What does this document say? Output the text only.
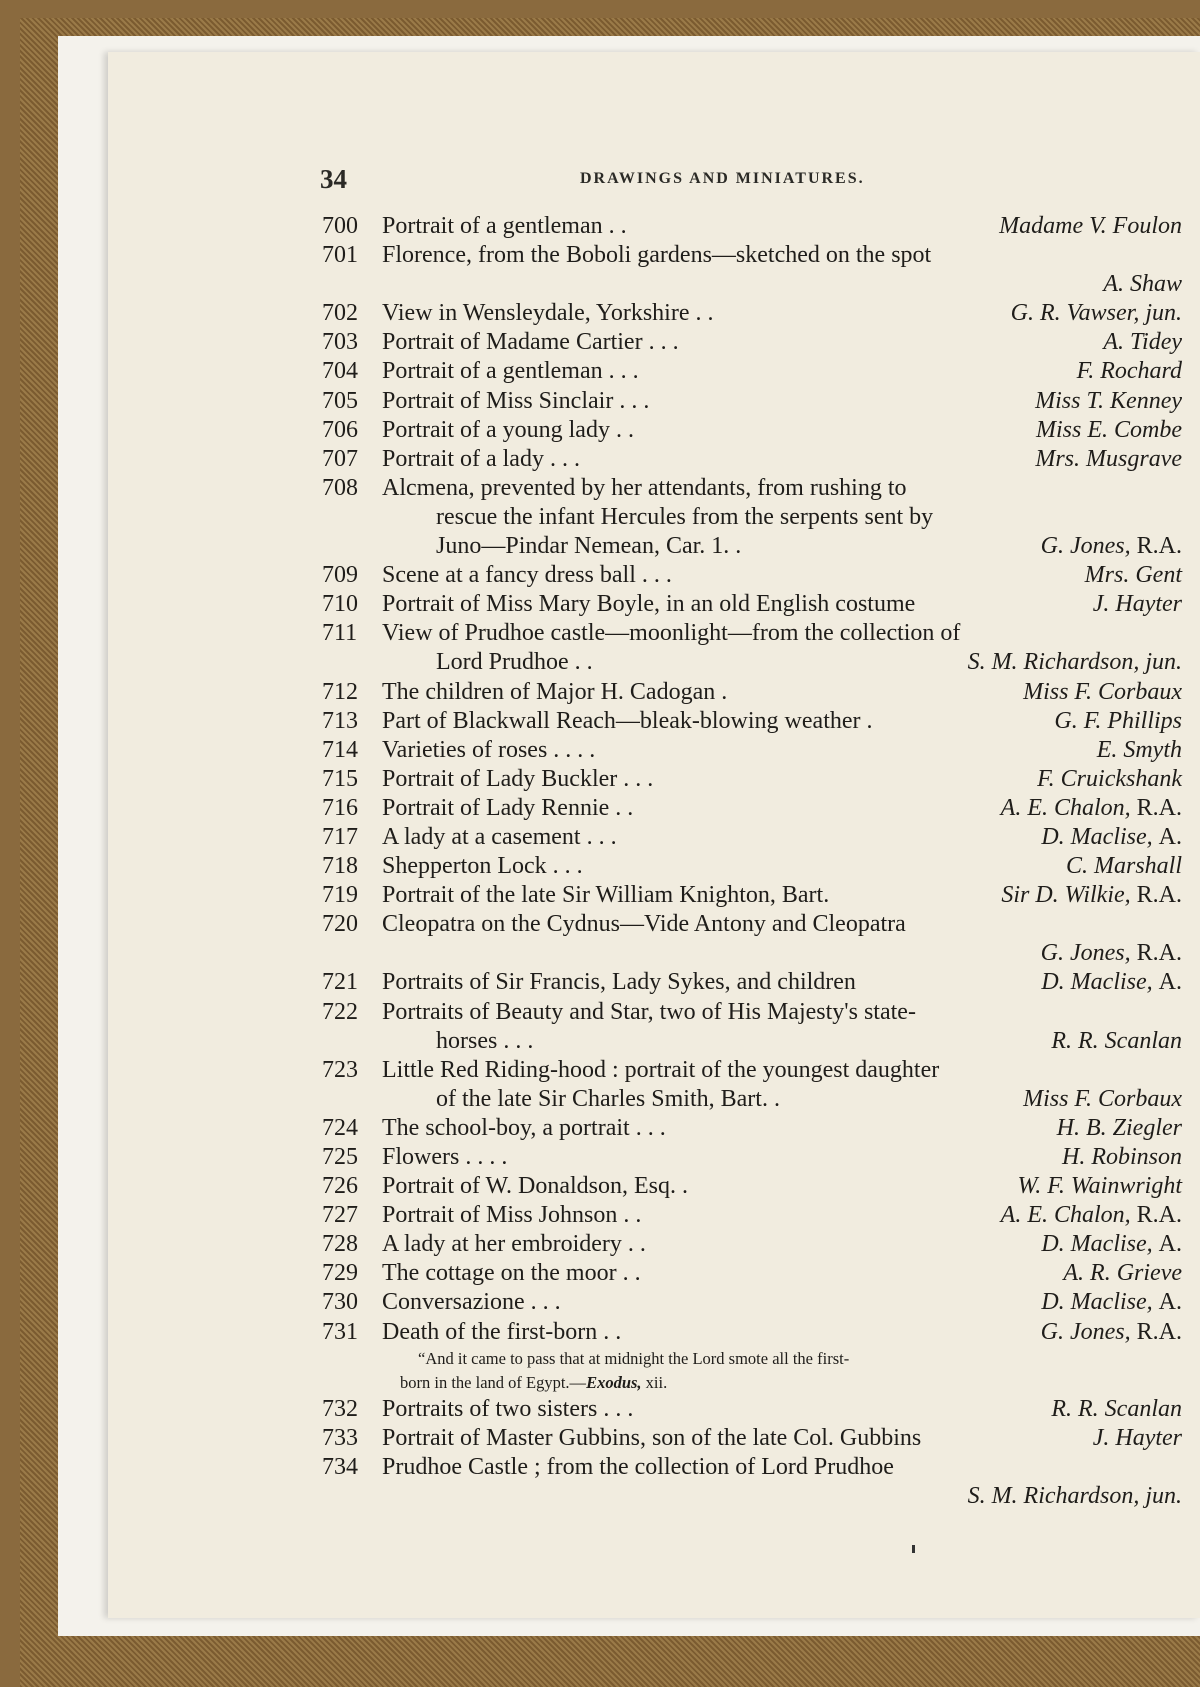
34	DRAWINGS AND MINIATURES.
700 Portrait of a gentleman . .	Madame V. Foulon
701 Florence, from the Boboli gardens—sketched on the spot
A. Shaw
702 View in Wensleydale, Yorkshire . .	G. R. Vawser, jun.
703 Portrait of Madame Cartier . . .	A. Tidey
704 Portrait of a gentleman . . .	F. Rochard
705 Portrait of Miss Sinclair . . .	Miss T. Kenney
706 Portrait of a young lady . .	Miss E. Combe
707 Portrait of a lady . . .	Mrs. Musgrave
708 Alcmena, prevented by her attendants, from rushing to
rescue the infant Hercules from the serpents sent by
Juno—Pindar Nemean, Car. 1. .	G. Jones, R.A.
709 Scene at a fancy dress ball . . .	Mrs. Gent
710 Portrait of Miss Mary Boyle, in an old English costume	J. Hayter
711 View of Prudhoe castle—moonlight—from the collection of
Lord Prudhoe . .	S. M. Richardson, jun.
712 The children of Major H. Cadogan .	Miss F. Corbaux
713 Part of Blackwall Reach—bleak-blowing weather .	G. F. Phillips
714 Varieties of roses . . . .	E. Smyth
715 Portrait of Lady Buckler . . .	F. Cruickshank
716 Portrait of Lady Rennie . .	A. E. Chalon, R.A.
717 A lady at a casement . . .	D. Maclise, A.
718 Shepperton Lock . . .	C. Marshall
719 Portrait of the late Sir William Knighton, Bart.	Sir D. Wilkie, R.A.
720 Cleopatra on the Cydnus—Vide Antony and Cleopatra
G. Jones, R.A.
721 Portraits of Sir Francis, Lady Sykes, and children	D. Maclise, A.
722 Portraits of Beauty and Star, two of His Majesty's state-
horses . . .	R. R. Scanlan
723 Little Red Riding-hood : portrait of the youngest daughter
of the late Sir Charles Smith, Bart. .	Miss F. Corbaux
724 The school-boy, a portrait . . .	H. B. Ziegler
725 Flowers . . . .	H. Robinson
726 Portrait of W. Donaldson, Esq. .	W. F. Wainwright
727 Portrait of Miss Johnson . .	A. E. Chalon, R.A.
728 A lady at her embroidery . .	D. Maclise, A.
729 The cottage on the moor . .	A. R. Grieve
730 Conversazione . . .	D. Maclise, A.
731 Death of the first-born . .	G. Jones, R.A.
“And it came to pass that at midnight the Lord smote all the first-
born in the land of Egypt.—Exodus, xii.
732 Portraits of two sisters . . .	R. R. Scanlan
733 Portrait of Master Gubbins, son of the late Col. Gubbins	J. Hayter
734 Prudhoe Castle ; from the collection of Lord Prudhoe
S. M. Richardson, jun.
